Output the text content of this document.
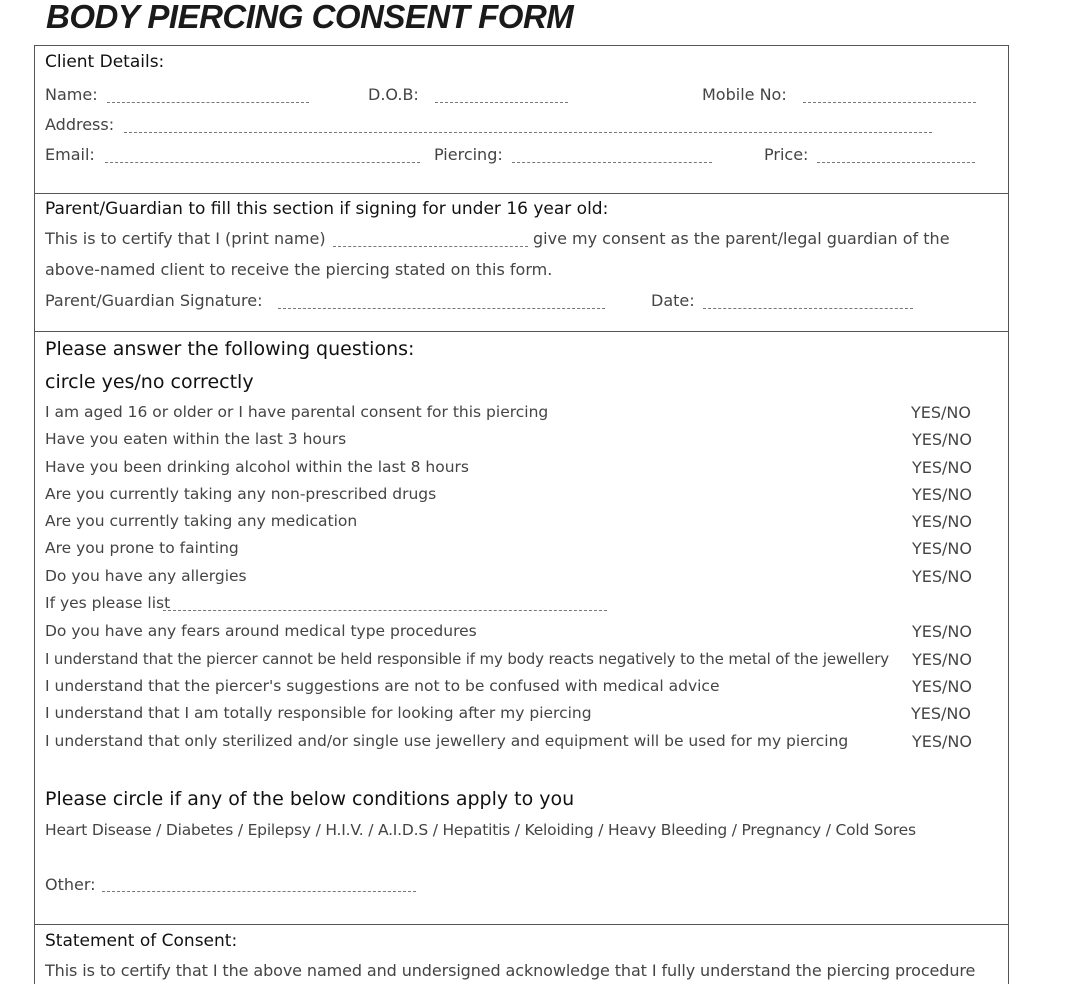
BODY PIERCING CONSENT FORM
Client Details:
Name:	D.O.B:	Mobile No:
Address:
Email:	Piercing:	Price:
Parent/Guardian to fill this section if signing for under 16 year old:
This is to certify that I (print name)	give my consent as the parent/legal guardian of the
above-named client to receive the piercing stated on this form.
Parent/Guardian Signature:	Date:
Please answer the following questions:
circle yes/no correctly
I am aged 16 or older or I have parental consent for this piercing	YES/NO
Have you eaten within the last 3 hours	YES/NO
Have you been drinking alcohol within the last 8 hours	YES/NO
Are you currently taking any non-prescribed drugs	YES/NO
Are you currently taking any medication	YES/NO
Are you prone to fainting	YES/NO
Do you have any allergies	YES/NO
If yes please list
Do you have any fears around medical type procedures	YES/NO
I understand that the piercer cannot be held responsible if my body reacts negatively to the metal of the jewellery YES/NO
I understand that the piercer's suggestions are not to be confused with medical advice	YES/NO
I understand that I am totally responsible for looking after my piercing	YES/NO
I understand that only sterilized and/or single use jewellery and equipment will be used for my piercing	YES/NO
Please circle if any of the below conditions apply to you
Heart Disease / Diabetes / Epilepsy / H.I.V. / A.I.D.S / Hepatitis / Keloiding / Heavy Bleeding / Pregnancy / Cold Sores
Other:
Statement of Consent:
This is to certify that I the above named and undersigned acknowledge that I fully understand the piercing procedure
